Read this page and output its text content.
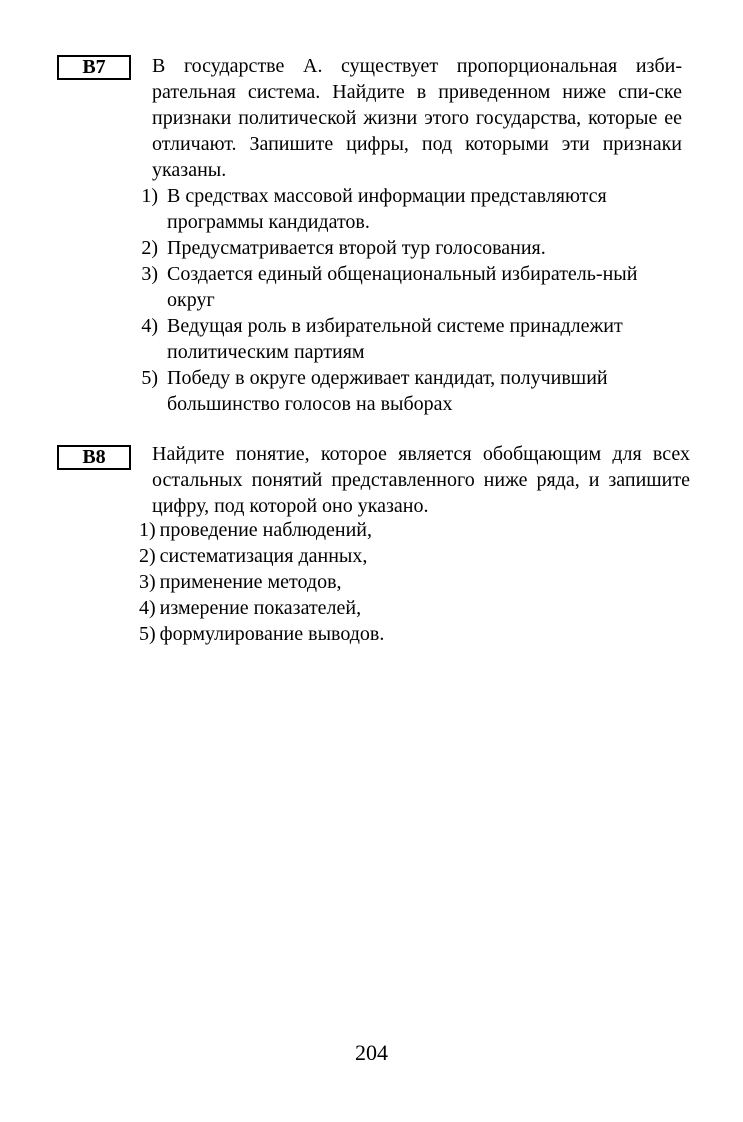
В7	В государстве А. существует пропорциональная изби-рательная система. Найдите в приведенном ниже спи-ске признаки политической жизни этого государства, которые ее отличают. Запишите цифры, под которыми эти признаки указаны.

1) В средствах массовой информации представляются программы кандидатов.
2) Предусматривается второй тур голосования.
3) Создается единый общенациональный избиратель-ный округ
4) Ведущая роль в избирательной системе принадлежит политическим партиям
5) Победу в округе одерживает кандидат, получивший большинство голосов на выборах
В8	Найдите понятие, которое является обобщающим для всех остальных понятий представленного ниже ряда, и запишите цифру, под которой оно указано.

1) проведение наблюдений,
2) систематизация данных,
3) применение методов,
4) измерение показателей,
5) формулирование выводов.
204
